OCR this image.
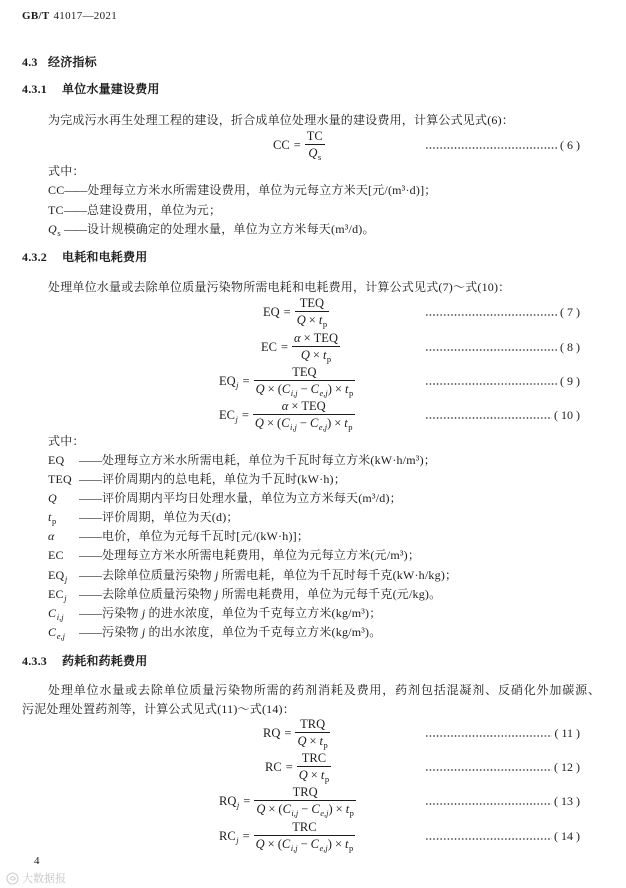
GB/T 41017—2021
4.3 经济指标
4.3.1 单位水量建设费用
为完成污水再生处理工程的建设，折合成单位处理水量的建设费用，计算公式见式(6)：
CC = $\frac{TC}{Q_s}$	( 6 )
式中：
CC —— 处理每立方米水所需建设费用，单位为元每立方米天[元/(m³·d)]；
TC —— 总建设费用，单位为元；
$Q_s$ —— 设计规模确定的处理水量，单位为立方米每天(m³/d)。
4.3.2 电耗和电耗费用
处理单位水量或去除单位质量污染物所需电耗和电耗费用，计算公式见式(7)～式(10)：
EQ = $\frac{\text{TEQ}}{Q \times t_p}$	( 7 )
EC = $\frac{\text{α × TEQ}}{Q \times t_p}$	( 8 )
$EQ_j = \frac{\text{TEQ}}{Q \times (C_{i,j} - C_{e,j}) \times t_p}$	( 9 )
$EC_j = \frac{\text{α × TEQ}}{Q \times (C_{i,j} - C_{e,j}) \times t_p}$	( 10 )
式中：
EQ	—— 处理每立方米水所需电耗，单位为千瓦时每立方米(kW·h/m³)；
TEQ —— 评价周期内的总电耗，单位为千瓦时(kW·h)；
Q	—— 评价周期内平均日处理水量，单位为立方米每天(m³/d)；
$t_p$	—— 评价周期，单位为天(d)；
α	—— 电价，单位为元每千瓦时[元/(kW·h)]；
EC	—— 处理每立方米水所需电耗费用，单位为元每立方米(元/m³)；
$EQ_j$ —— 去除单位质量污染物 j 所需电耗，单位为千瓦时每千克(kW·h/kg)；
$EC_j$	—— 去除单位质量污染物 j 所需电耗费用，单位为元每千克(元/kg)。
$C_{i,j}$	—— 污染物 j 的进水浓度，单位为千克每立方米(kg/m³)；
$C_{e,j}$	—— 污染物 j 的出水浓度，单位为千克每立方米(kg/m³)。
4.3.3 药耗和药耗费用
处理单位水量或去除单位质量污染物所需的药剂消耗及费用，药剂包括混凝剂、反硝化外加碳源、
污泥处理处置药剂等，计算公式见式(11)～式(14)：
RQ = $\frac{\text{TRQ}}{Q \times t_p}$	( 11 )
RC = $\frac{\text{TRC}}{Q \times t_p}$	( 12 )
$RQ_j = \frac{\text{TRQ}}{Q \times (C_{i,j} - C_{e,j}) \times t_p}$	( 13 )
$RC_j = \frac{\text{TRC}}{Q \times (C_{i,j} - C_{e,j}) \times t_p}$	( 14 )
4
大数据报
